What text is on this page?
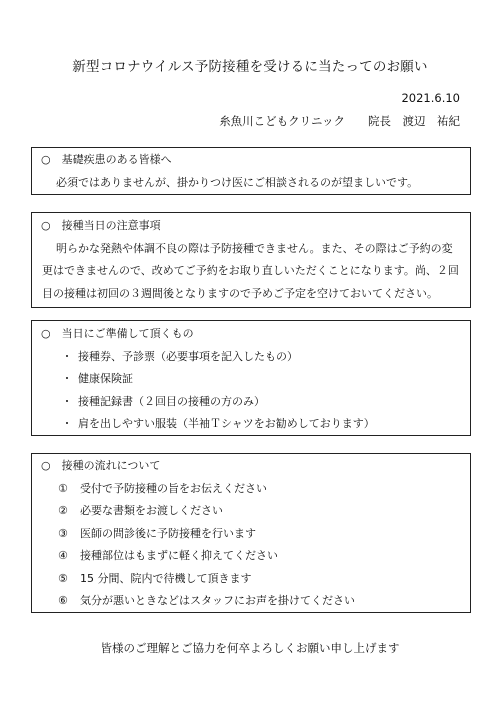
新型コロナウイルス予防接種を受けるに当たってのお願い
2021.6.10
糸魚川こどもクリニック　　院長　渡辺　祐紀
○　基礎疾患のある皆様へ
必須ではありませんが、掛かりつけ医にご相談されるのが望ましいです。
○　接種当日の注意事項
明らかな発熱や体調不良の際は予防接種できません。また、その際はご予約の変更はできませんので、改めてご予約をお取り直しいただくことになります。尚、２回目の接種は初回の３週間後となりますので予めご予定を空けておいてください。
○　当日にご準備して頂くもの
・ 接種券、予診票（必要事項を記入したもの）
・ 健康保険証
・ 接種記録書（２回目の接種の方のみ）
・ 肩を出しやすい服装（半袖Ｔシャツをお勧めしております）
○　接種の流れについて
①	受付で予防接種の旨をお伝えください
②	必要な書類をお渡しください
③	医師の問診後に予防接種を行います
④	接種部位はもまずに軽く抑えてください
⑤	15 分間、院内で待機して頂きます
⑥	気分が悪いときなどはスタッフにお声を掛けてください
皆様のご理解とご協力を何卒よろしくお願い申し上げます
